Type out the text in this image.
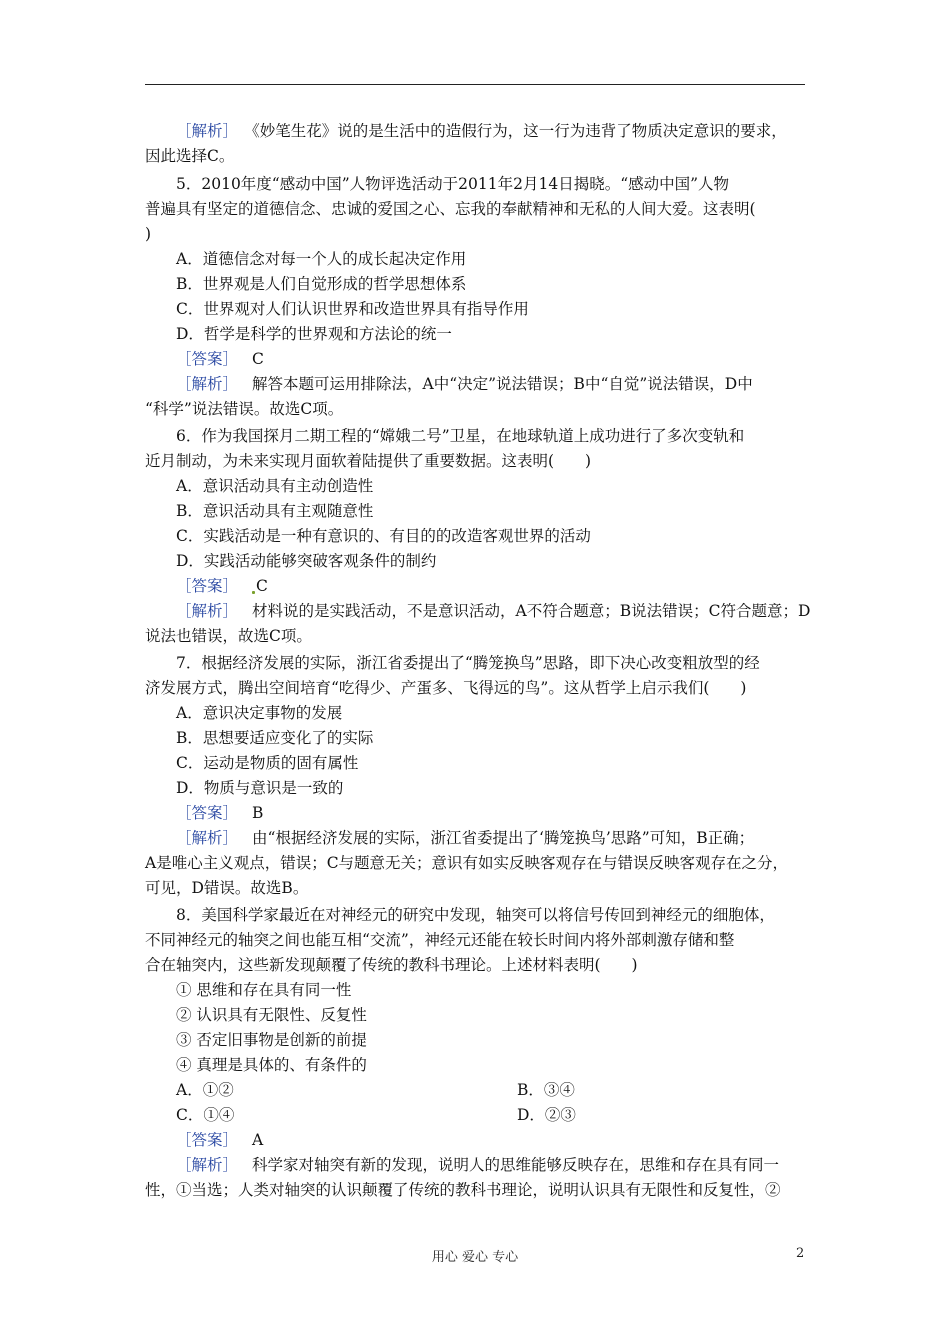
［解析］ 《妙笔生花》说的是生活中的造假行为，这一行为违背了物质决定意识的要求，
因此选择C。
5．2010年度“感动中国”人物评选活动于2011年2月14日揭晓。“感动中国”人物
普遍具有坚定的道德信念、忠诚的爱国之心、忘我的奉献精神和无私的人间大爱。这表明(
)
A．道德信念对每一个人的成长起决定作用
B．世界观是人们自觉形成的哲学思想体系
C．世界观对人们认识世界和改造世界具有指导作用
D．哲学是科学的世界观和方法论的统一
［答案］ C
［解析］ 解答本题可运用排除法，A中“决定”说法错误；B中“自觉”说法错误，D中
“科学”说法错误。故选C项。
6．作为我国探月二期工程的“嫦娥二号”卫星，在地球轨道上成功进行了多次变轨和
近月制动，为未来实现月面软着陆提供了重要数据。这表明(　　)
A．意识活动具有主动创造性
B．意识活动具有主观随意性
C．实践活动是一种有意识的、有目的的改造客观世界的活动
D．实践活动能够突破客观条件的制约
［答案］ C
［解析］ 材料说的是实践活动，不是意识活动，A不符合题意；B说法错误；C符合题意；D
说法也错误，故选C项。
7．根据经济发展的实际，浙江省委提出了“腾笼换鸟”思路，即下决心改变粗放型的经
济发展方式，腾出空间培育“吃得少、产蛋多、飞得远的鸟”。这从哲学上启示我们(　　)
A．意识决定事物的发展
B．思想要适应变化了的实际
C．运动是物质的固有属性
D．物质与意识是一致的
［答案］ B
［解析］ 由“根据经济发展的实际，浙江省委提出了‘腾笼换鸟’思路”可知，B正确；
A是唯心主义观点，错误；C与题意无关；意识有如实反映客观存在与错误反映客观存在之分，
可见，D错误。故选B。
8．美国科学家最近在对神经元的研究中发现，轴突可以将信号传回到神经元的细胞体，
不同神经元的轴突之间也能互相“交流”，神经元还能在较长时间内将外部刺激存储和整
合在轴突内，这些新发现颠覆了传统的教科书理论。上述材料表明(　　)
① 思维和存在具有同一性
② 认识具有无限性、反复性
③ 否定旧事物是创新的前提
④ 真理是具体的、有条件的
A．①②	B．③④
C．①④	D．②③
［答案］ A
［解析］ 科学家对轴突有新的发现，说明人的思维能够反映存在，思维和存在具有同一
性，①当选；人类对轴突的认识颠覆了传统的教科书理论，说明认识具有无限性和反复性，②
用心 爱心 专心	2
